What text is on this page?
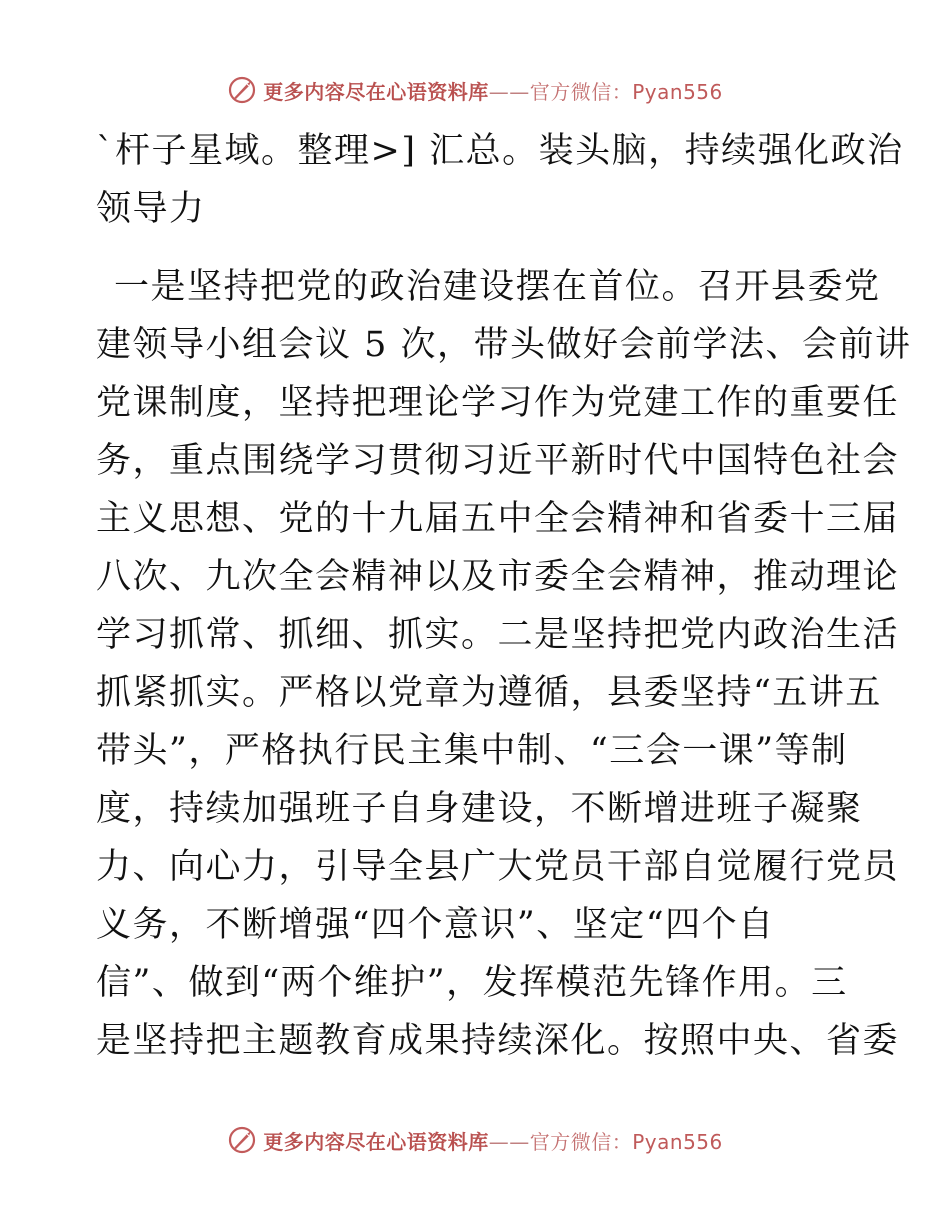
更多内容尽在心语资料库——官方微信：Pyan556
`杆子星域。整理>] 汇总。装头脑，持续强化政治
领导力
一是坚持把党的政治建设摆在首位。召开县委党
建领导小组会议 5 次，带头做好会前学法、会前讲
党课制度，坚持把理论学习作为党建工作的重要任
务，重点围绕学习贯彻习近平新时代中国特色社会
主义思想、党的十九届五中全会精神和省委十三届
八次、九次全会精神以及市委全会精神，推动理论
学习抓常、抓细、抓实。二是坚持把党内政治生活
抓紧抓实。严格以党章为遵循，县委坚持“五讲五
带头”，严格执行民主集中制、“三会一课”等制
度，持续加强班子自身建设，不断增进班子凝聚
力、向心力，引导全县广大党员干部自觉履行党员
义务，不断增强“四个意识”、坚定“四个自
信”、做到“两个维护”，发挥模范先锋作用。三
是坚持把主题教育成果持续深化。按照中央、省委
更多内容尽在心语资料库——官方微信：Pyan556
